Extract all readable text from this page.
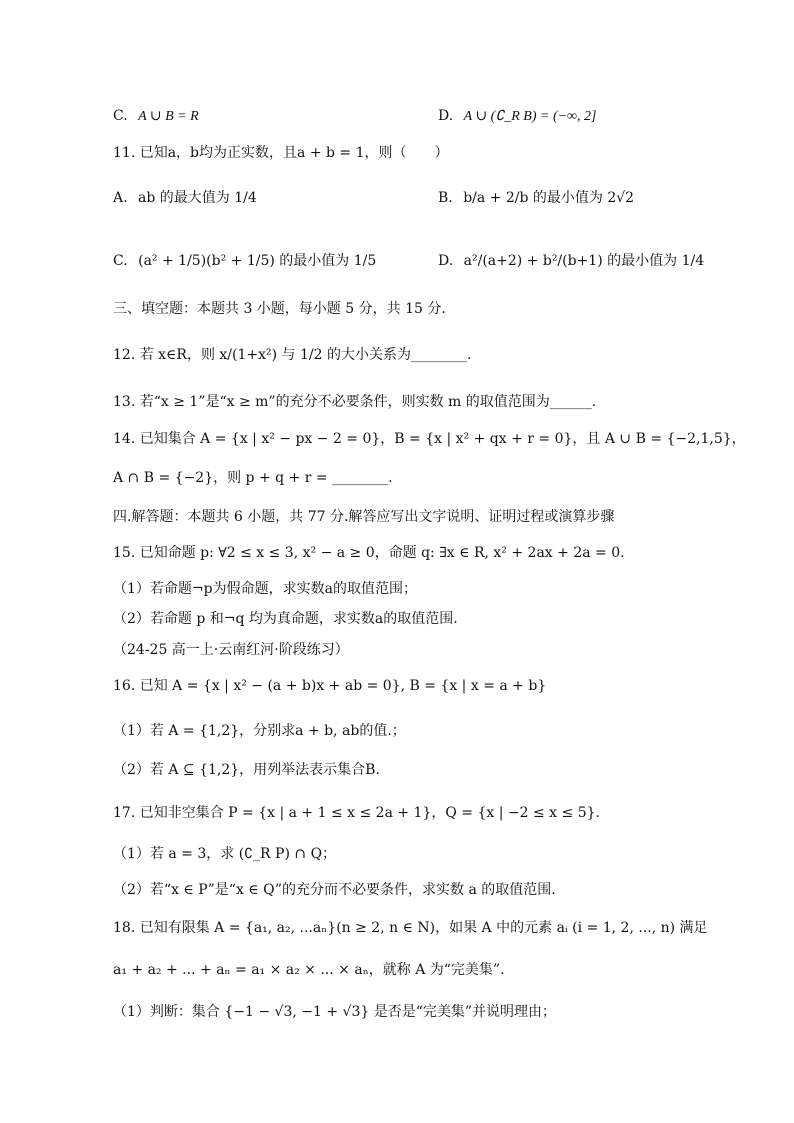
C. A ∪ B = R	D. A ∪ (∁_R B) = (−∞, 2]
11. 已知a，b均为正实数，且a + b = 1，则（　　）
A. ab 的最大值为 1/4	B. b/a + 2/b 的最小值为 2√2
C. (a² + 1/5)(b² + 1/5) 的最小值为 1/5	D. a²/(a+2) + b²/(b+1) 的最小值为 1/4
三、填空题：本题共 3 小题，每小题 5 分，共 15 分.
12. 若 x∈R，则 x/(1+x²) 与 1/2 的大小关系为________.
13. 若“x ≥ 1”是“x ≥ m”的充分不必要条件，则实数 m 的取值范围为______.
14. 已知集合 A = {x | x² − px − 2 = 0}，B = {x | x² + qx + r = 0}，且 A ∪ B = {−2,1,5}，
A ∩ B = {−2}，则 p + q + r = ________.
四.解答题：本题共 6 小题，共 77 分.解答应写出文字说明、证明过程或演算步骤
15. 已知命题 p: ∀2 ≤ x ≤ 3, x² − a ≥ 0，命题 q: ∃x ∈ R, x² + 2ax + 2a = 0.
（1）若命题¬p为假命题，求实数a的取值范围；
（2）若命题 p 和¬q 均为真命题，求实数a的取值范围.
（24-25 高一上·云南红河·阶段练习）
16. 已知 A = {x | x² − (a + b)x + ab = 0}, B = {x | x = a + b}
（1）若 A = {1,2}，分别求a + b, ab的值.；
（2）若 A ⊆ {1,2}，用列举法表示集合B.
17. 已知非空集合 P = {x | a + 1 ≤ x ≤ 2a + 1}，Q = {x | −2 ≤ x ≤ 5}.
（1）若 a = 3，求 (∁_R P) ∩ Q；
（2）若“x ∈ P”是“x ∈ Q”的充分而不必要条件，求实数 a 的取值范围.
18. 已知有限集 A = {a₁, a₂, ...aₙ}(n ≥ 2, n ∈ N)，如果 A 中的元素 aᵢ (i = 1, 2, ..., n) 满足
a₁ + a₂ + ... + aₙ = a₁ × a₂ × ... × aₙ，就称 A 为“完美集”.
（1）判断：集合 {−1 − √3, −1 + √3} 是否是“完美集”并说明理由；
